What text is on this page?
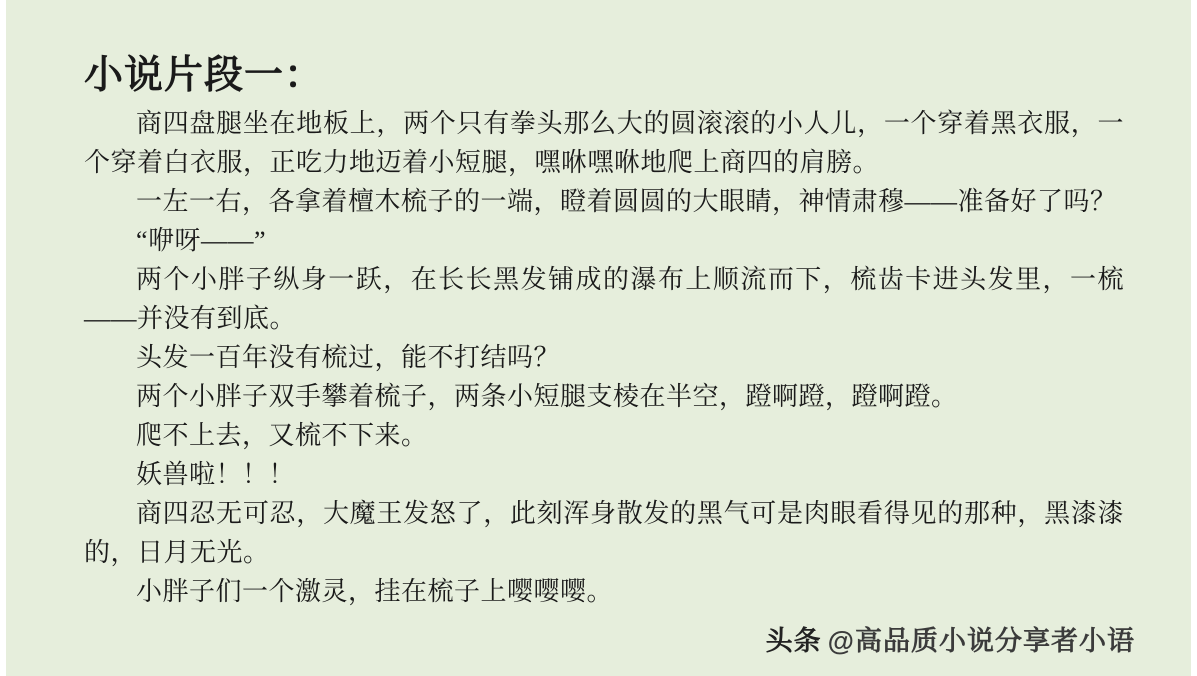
小说片段一：

商四盘腿坐在地板上，两个只有拳头那么大的圆滚滚的小人儿，一个穿着黑衣服，一个穿着白衣服，正吃力地迈着小短腿，嘿咻嘿咻地爬上商四的肩膀。

一左一右，各拿着檀木梳子的一端，瞪着圆圆的大眼睛，神情肃穆——准备好了吗？

“咿呀——”

两个小胖子纵身一跃，在长长黑发铺成的瀑布上顺流而下，梳齿卡进头发里，一梳——并没有到底。

头发一百年没有梳过，能不打结吗？

两个小胖子双手攀着梳子，两条小短腿支棱在半空，蹬啊蹬，蹬啊蹬。

爬不上去，又梳不下来。

妖兽啦！！！

商四忍无可忍，大魔王发怒了，此刻浑身散发的黑气可是肉眼看得见的那种，黑漆漆的，日月无光。

小胖子们一个激灵，挂在梳子上嘤嘤嘤。

头条 @高品质小说分享者小语
